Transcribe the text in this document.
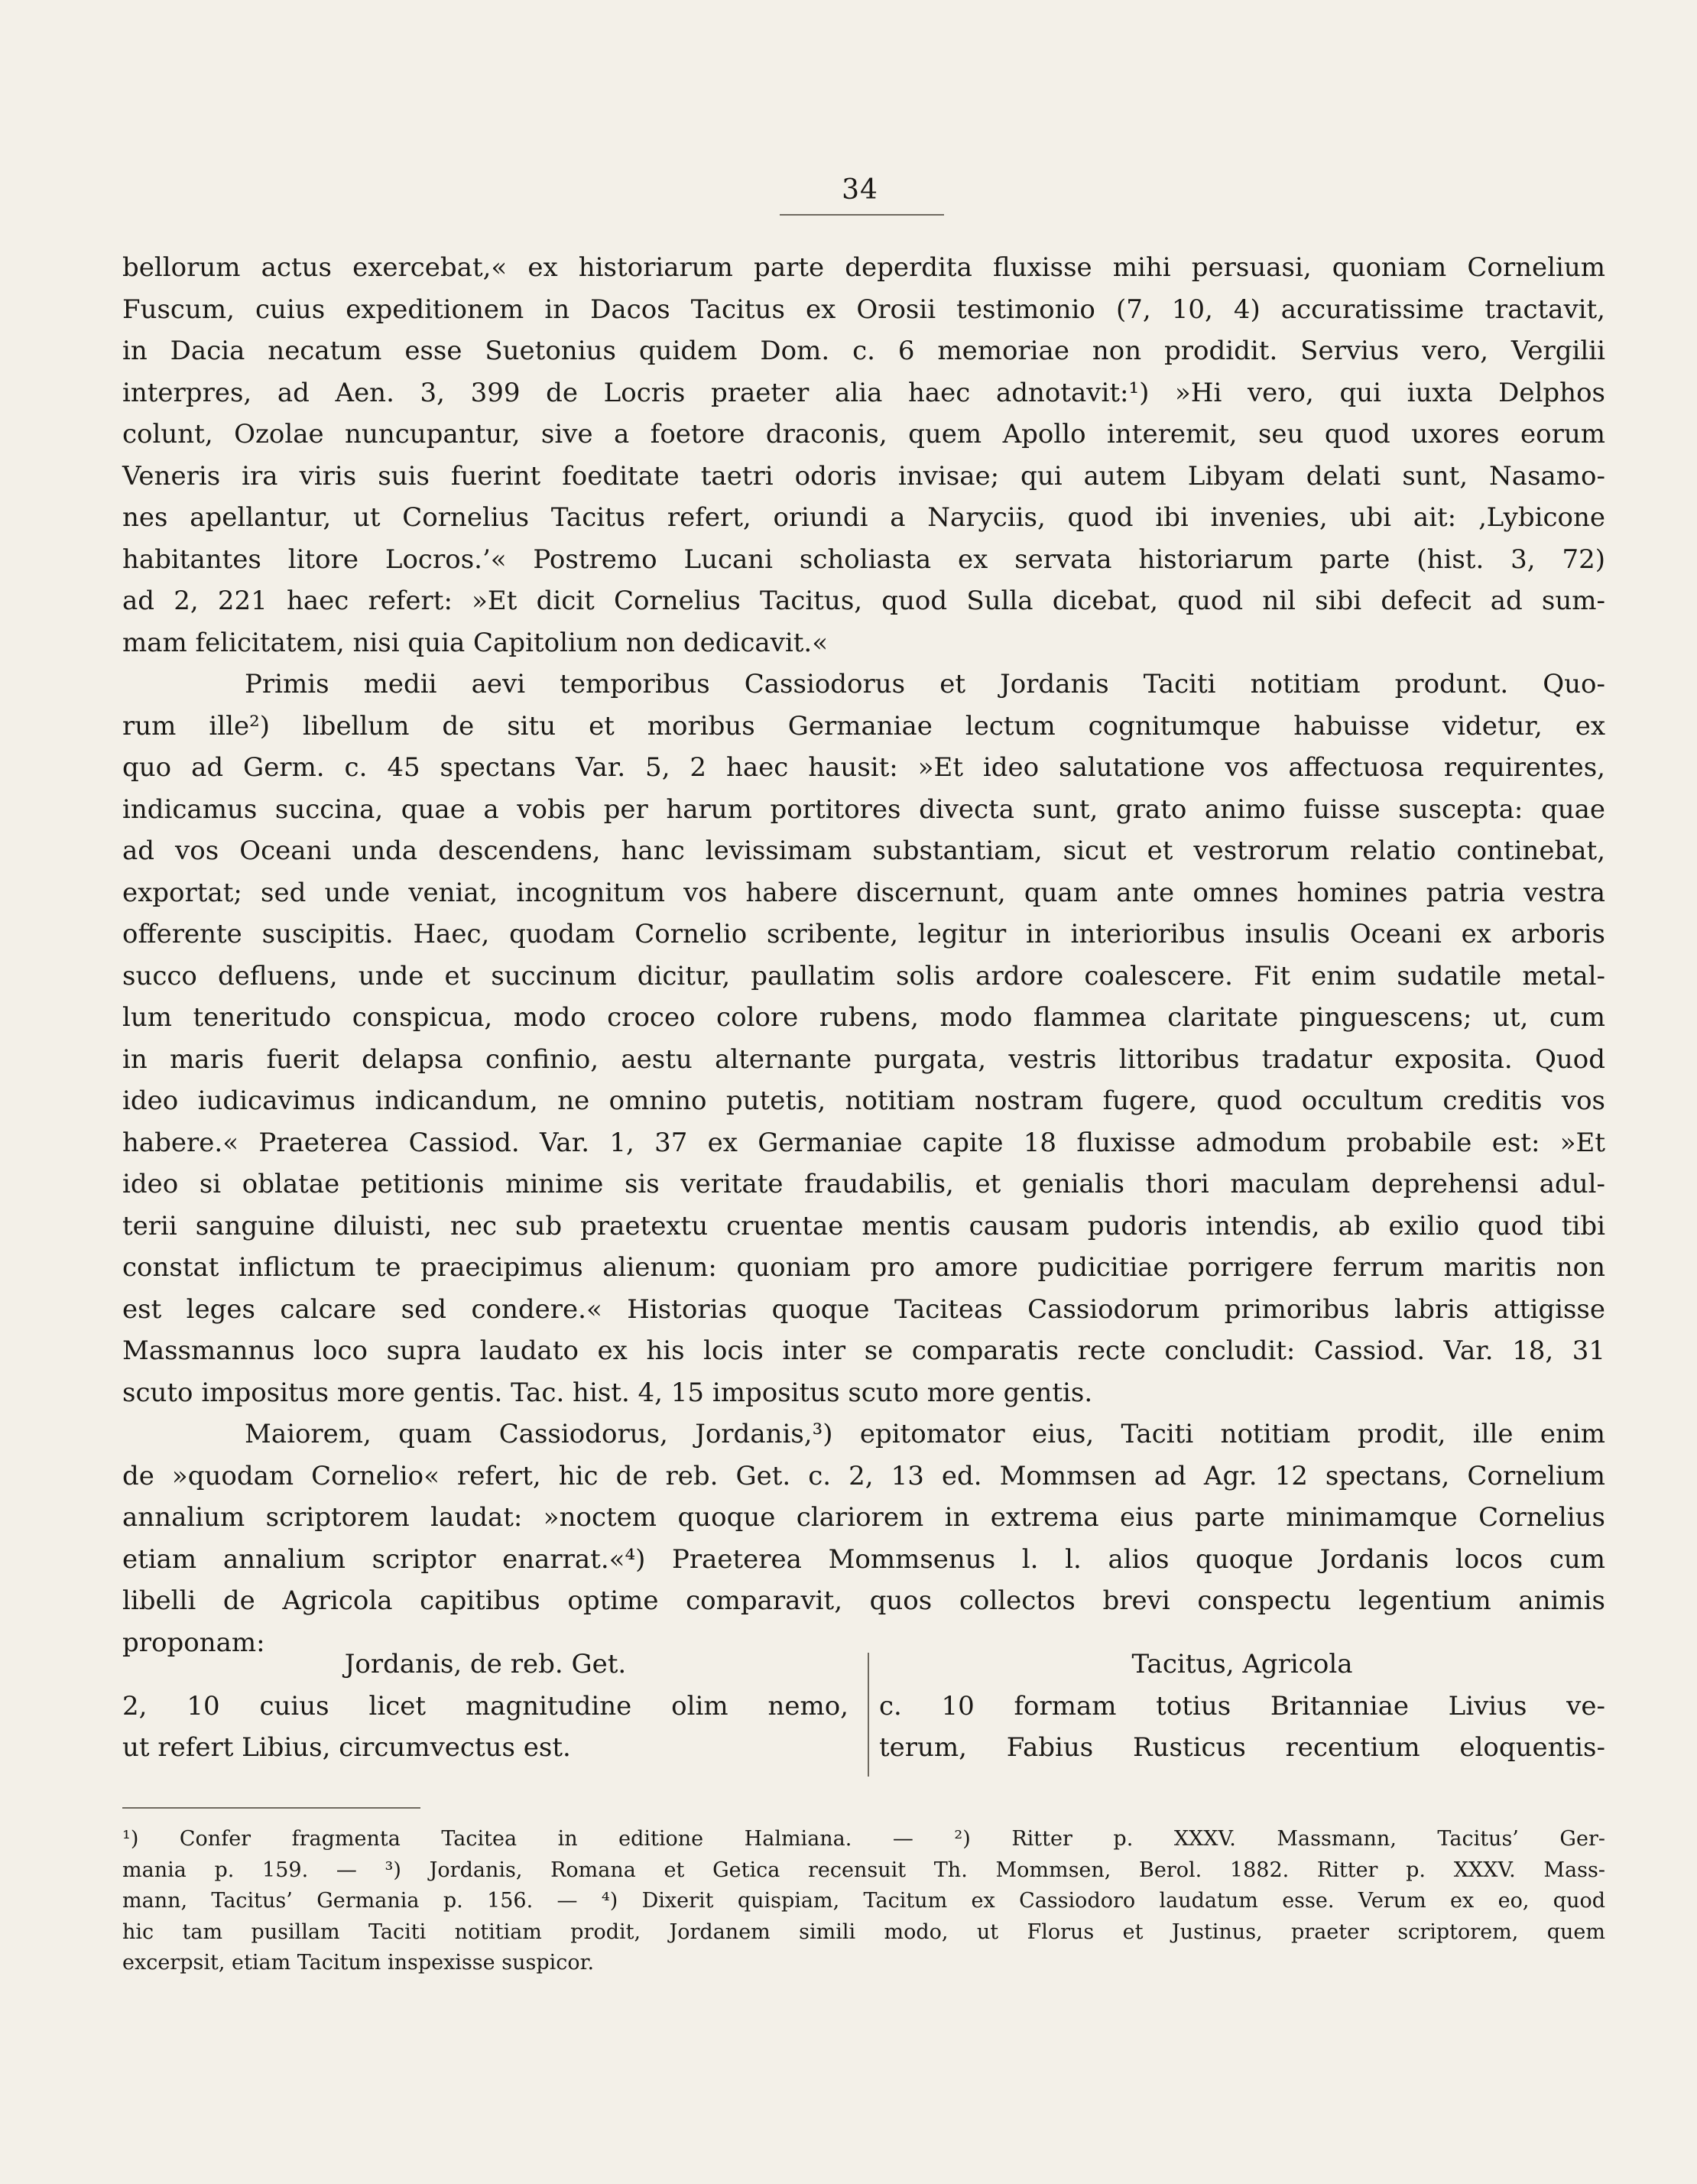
34
bellorum actus exercebat,« ex historiarum parte deperdita fluxisse mihi persuasi, quoniam Cornelium
Fuscum, cuius expeditionem in Dacos Tacitus ex Orosii testimonio (7, 10, 4) accuratissime tractavit,
in Dacia necatum esse Suetonius quidem Dom. c. 6 memoriae non prodidit. Servius vero, Vergilii
interpres, ad Aen. 3, 399 de Locris praeter alia haec adnotavit:¹) »Hi vero, qui iuxta Delphos
colunt, Ozolae nuncupantur, sive a foetore draconis, quem Apollo interemit, seu quod uxores eorum
Veneris ira viris suis fuerint foeditate taetri odoris invisae; qui autem Libyam delati sunt, Nasamo-
nes apellantur, ut Cornelius Tacitus refert, oriundi a Naryciis, quod ibi invenies, ubi ait: ‚Lybicone
habitantes litore Locros.’« Postremo Lucani scholiasta ex servata historiarum parte (hist. 3, 72)
ad 2, 221 haec refert: »Et dicit Cornelius Tacitus, quod Sulla dicebat, quod nil sibi defecit ad sum-
mam felicitatem, nisi quia Capitolium non dedicavit.«
Primis medii aevi temporibus Cassiodorus et Jordanis Taciti notitiam produnt. Quo-
rum ille²) libellum de situ et moribus Germaniae lectum cognitumque habuisse videtur, ex
quo ad Germ. c. 45 spectans Var. 5, 2 haec hausit: »Et ideo salutatione vos affectuosa requirentes,
indicamus succina, quae a vobis per harum portitores divecta sunt, grato animo fuisse suscepta: quae
ad vos Oceani unda descendens, hanc levissimam substantiam, sicut et vestrorum relatio continebat,
exportat; sed unde veniat, incognitum vos habere discernunt, quam ante omnes homines patria vestra
offerente suscipitis. Haec, quodam Cornelio scribente, legitur in interioribus insulis Oceani ex arboris
succo defluens, unde et succinum dicitur, paullatim solis ardore coalescere. Fit enim sudatile metal-
lum teneritudo conspicua, modo croceo colore rubens, modo flammea claritate pinguescens; ut, cum
in maris fuerit delapsa confinio, aestu alternante purgata, vestris littoribus tradatur exposita. Quod
ideo iudicavimus indicandum, ne omnino putetis, notitiam nostram fugere, quod occultum creditis vos
habere.« Praeterea Cassiod. Var. 1, 37 ex Germaniae capite 18 fluxisse admodum probabile est: »Et
ideo si oblatae petitionis minime sis veritate fraudabilis, et genialis thori maculam deprehensi adul-
terii sanguine diluisti, nec sub praetextu cruentae mentis causam pudoris intendis, ab exilio quod tibi
constat inflictum te praecipimus alienum: quoniam pro amore pudicitiae porrigere ferrum maritis non
est leges calcare sed condere.« Historias quoque Taciteas Cassiodorum primoribus labris attigisse
Massmannus loco supra laudato ex his locis inter se comparatis recte concludit: Cassiod. Var. 18, 31
scuto impositus more gentis. Tac. hist. 4, 15 impositus scuto more gentis.
Maiorem, quam Cassiodorus, Jordanis,³) epitomator eius, Taciti notitiam prodit, ille enim
de »quodam Cornelio« refert, hic de reb. Get. c. 2, 13 ed. Mommsen ad Agr. 12 spectans, Cornelium
annalium scriptorem laudat: »noctem quoque clariorem in extrema eius parte minimamque Cornelius
etiam annalium scriptor enarrat.«⁴) Praeterea Mommsenus l. l. alios quoque Jordanis locos cum
libelli de Agricola capitibus optime comparavit, quos collectos brevi conspectu legentium animis
proponam:
Jordanis, de reb. Get.
2, 10 cuius licet magnitudine olim nemo,
ut refert Libius, circumvectus est.
Tacitus, Agricola
c. 10 formam totius Britanniae Livius ve-
terum, Fabius Rusticus recentium eloquentis-
¹) Confer fragmenta Tacitea in editione Halmiana. — ²) Ritter p. XXXV. Massmann, Tacitus’ Ger-
mania p. 159. — ³) Jordanis, Romana et Getica recensuit Th. Mommsen, Berol. 1882. Ritter p. XXXV. Mass-
mann, Tacitus’ Germania p. 156. — ⁴) Dixerit quispiam, Tacitum ex Cassiodoro laudatum esse. Verum ex eo, quod
hic tam pusillam Taciti notitiam prodit, Jordanem simili modo, ut Florus et Justinus, praeter scriptorem, quem
excerpsit, etiam Tacitum inspexisse suspicor.
